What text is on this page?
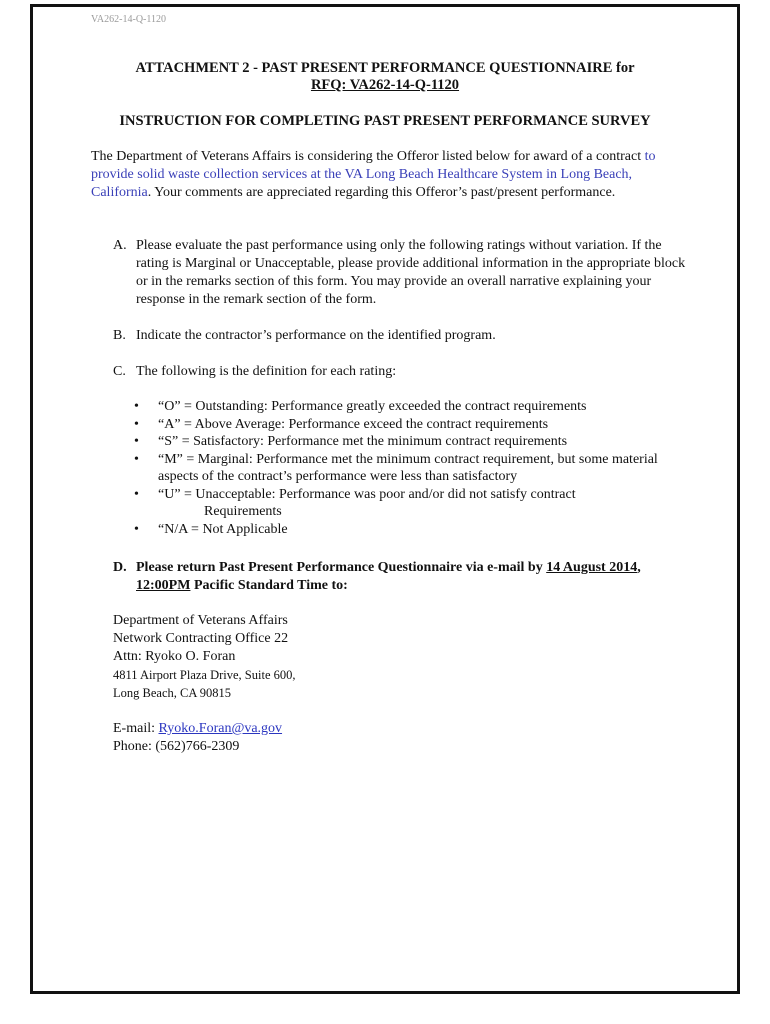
VA262-14-Q-1120
ATTACHMENT 2 - PAST PRESENT PERFORMANCE QUESTIONNAIRE for
RFQ: VA262-14-Q-1120
INSTRUCTION FOR COMPLETING PAST PRESENT PERFORMANCE SURVEY
The Department of Veterans Affairs is considering the Offeror listed below for award of a contract to provide solid waste collection services at the VA Long Beach Healthcare System in Long Beach, California. Your comments are appreciated regarding this Offeror’s past/present performance.
A. Please evaluate the past performance using only the following ratings without variation. If the rating is Marginal or Unacceptable, please provide additional information in the appropriate block or in the remarks section of this form. You may provide an overall narrative explaining your response in the remark section of the form.
B. Indicate the contractor’s performance on the identified program.
C. The following is the definition for each rating:
• “O” = Outstanding: Performance greatly exceeded the contract requirements
• “A” = Above Average: Performance exceed the contract requirements
• “S” = Satisfactory: Performance met the minimum contract requirements
• “M” = Marginal: Performance met the minimum contract requirement, but some material aspects of the contract’s performance were less than satisfactory
• “U” = Unacceptable: Performance was poor and/or did not satisfy contract
Requirements
• “N/A = Not Applicable
D. Please return Past Present Performance Questionnaire via e-mail by 14 August 2014, 12:00PM Pacific Standard Time to:
Department of Veterans Affairs
Network Contracting Office 22
Attn: Ryoko O. Foran
4811 Airport Plaza Drive, Suite 600,
Long Beach, CA 90815
E-mail: Ryoko.Foran@va.gov
Phone: (562)766-2309
